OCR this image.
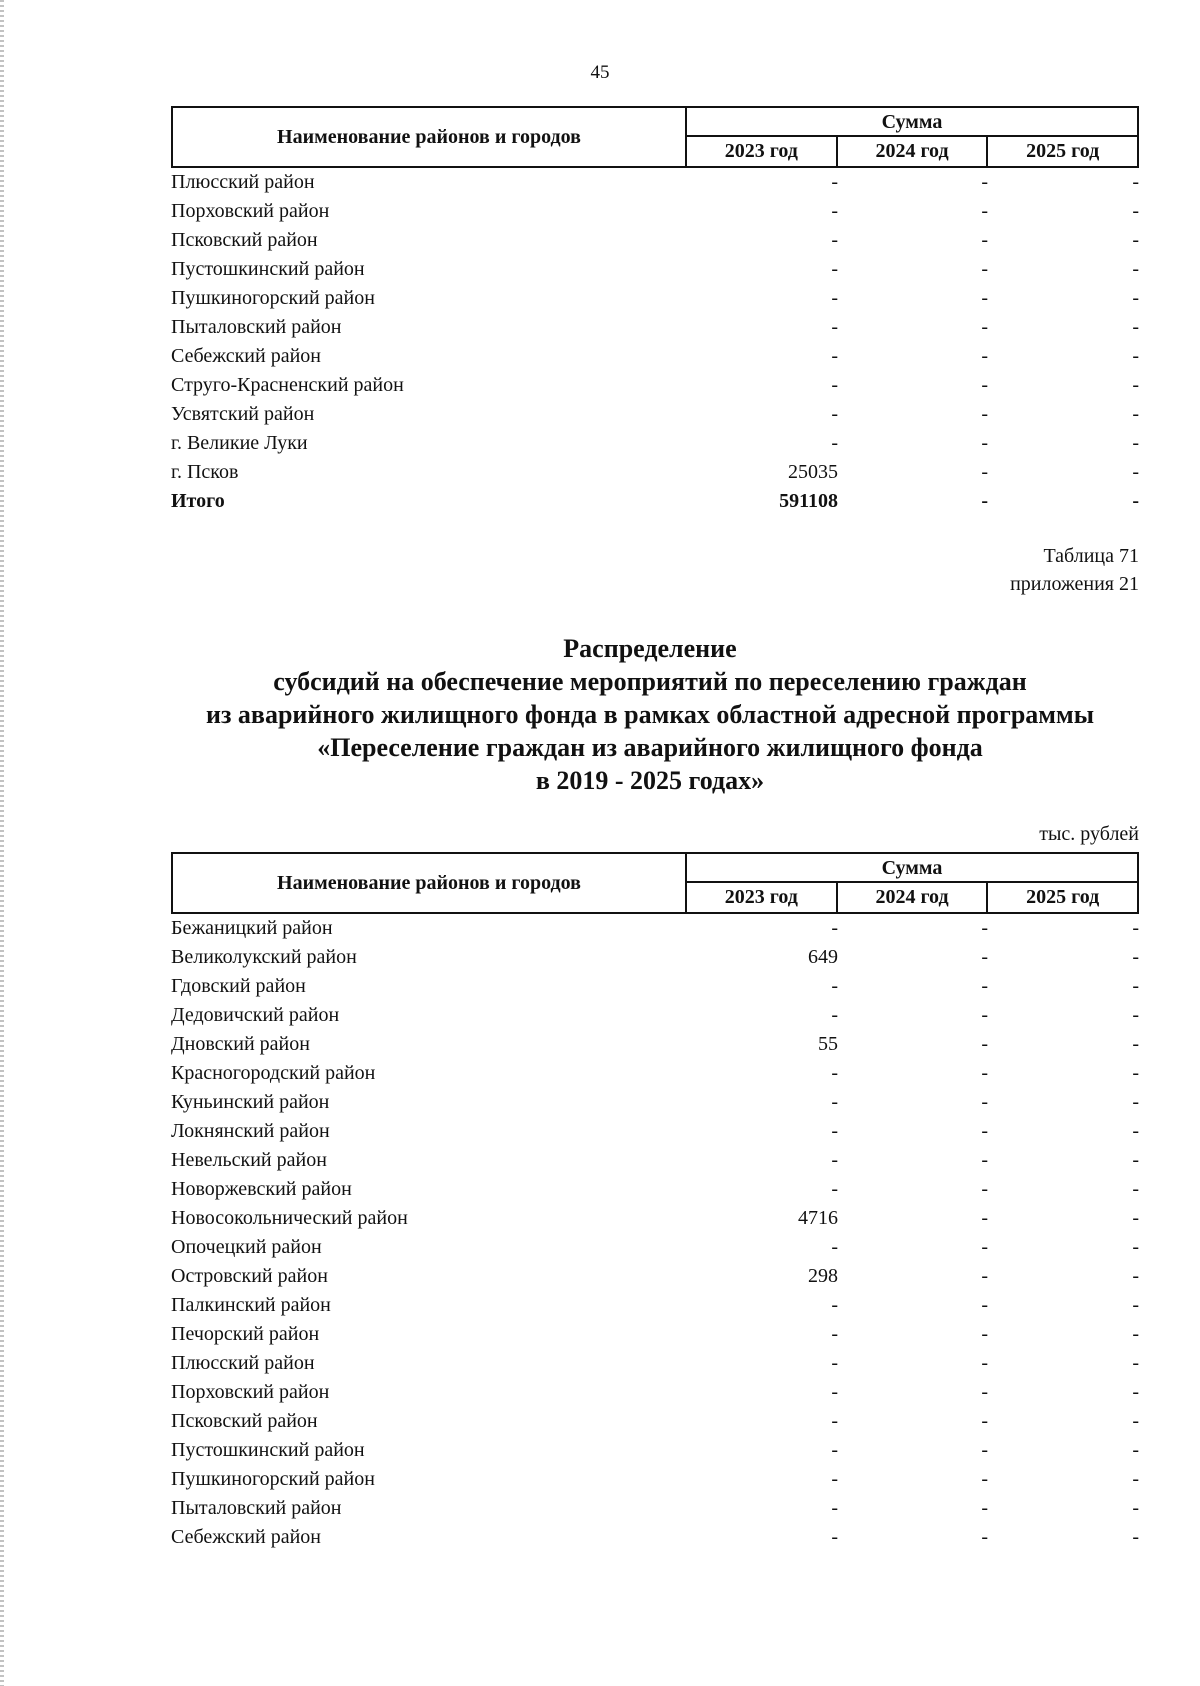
45
Наименование районов и городов
Сумма
2023 год	2024 год	2025 год
Плюсский район	-	-	-
Порховский район	-	-	-
Псковский район	-	-	-
Пустошкинский район	-	-	-
Пушкиногорский район	-	-	-
Пыталовский район	-	-	-
Себежский район	-	-	-
Струго-Красненский район	-	-	-
Усвятский район	-	-	-
г. Великие Луки	-	-	-
г. Псков	25035	-	-
Итого	591108	-	-
Таблица 71
приложения 21
Распределение
субсидий на обеспечение мероприятий по переселению граждан
из аварийного жилищного фонда в рамках областной адресной программы
«Переселение граждан из аварийного жилищного фонда
в 2019 - 2025 годах»
тыс. рублей
Наименование районов и городов
Сумма
2023 год	2024 год	2025 год
Бежаницкий район	-	-	-
Великолукский район	649	-	-
Гдовский район	-	-	-
Дедовичский район	-	-	-
Дновский район	55	-	-
Красногородский район	-	-	-
Куньинский район	-	-	-
Локнянский район	-	-	-
Невельский район	-	-	-
Новоржевский район	-	-	-
Новосокольнический район	4716	-	-
Опочецкий район	-	-	-
Островский район	298	-	-
Палкинский район	-	-	-
Печорский район	-	-	-
Плюсский район	-	-	-
Порховский район	-	-	-
Псковский район	-	-	-
Пустошкинский район	-	-	-
Пушкиногорский район	-	-	-
Пыталовский район	-	-	-
Себежский район	-	-	-
